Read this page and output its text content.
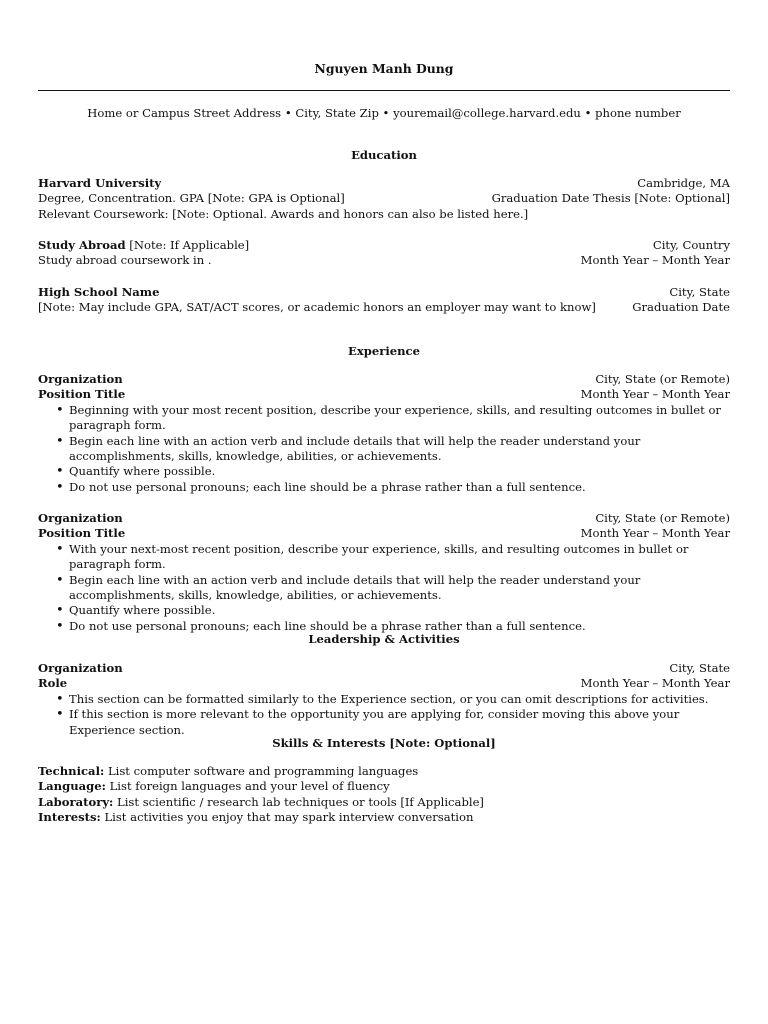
Nguyen Manh Dung
Home or Campus Street Address • City, State Zip • youremail@college.harvard.edu • phone number
Education
Harvard University	Cambridge, MA
Degree, Concentration. GPA [Note: GPA is Optional]	Graduation Date Thesis [Note: Optional]
Relevant Coursework: [Note: Optional. Awards and honors can also be listed here.]
Study Abroad [Note: If Applicable]	City, Country
Study abroad coursework in .	Month Year – Month Year
High School Name	City, State
[Note: May include GPA, SAT/ACT scores, or academic honors an employer may want to know]	Graduation Date
Experience
Organization	City, State (or Remote)
Position Title	Month Year – Month Year
• Beginning with your most recent position, describe your experience, skills, and resulting outcomes in bullet or paragraph form.
• Begin each line with an action verb and include details that will help the reader understand your accomplishments, skills, knowledge, abilities, or achievements.
• Quantify where possible.
• Do not use personal pronouns; each line should be a phrase rather than a full sentence.
Organization	City, State (or Remote)
Position Title	Month Year – Month Year
• With your next-most recent position, describe your experience, skills, and resulting outcomes in bullet or paragraph form.
• Begin each line with an action verb and include details that will help the reader understand your accomplishments, skills, knowledge, abilities, or achievements.
• Quantify where possible.
• Do not use personal pronouns; each line should be a phrase rather than a full sentence.
Leadership & Activities
Organization	City, State
Role	Month Year – Month Year
• This section can be formatted similarly to the Experience section, or you can omit descriptions for activities.
• If this section is more relevant to the opportunity you are applying for, consider moving this above your Experience section.
Skills & Interests [Note: Optional]
Technical: List computer software and programming languages
Language: List foreign languages and your level of fluency
Laboratory: List scientific / research lab techniques or tools [If Applicable]
Interests: List activities you enjoy that may spark interview conversation
